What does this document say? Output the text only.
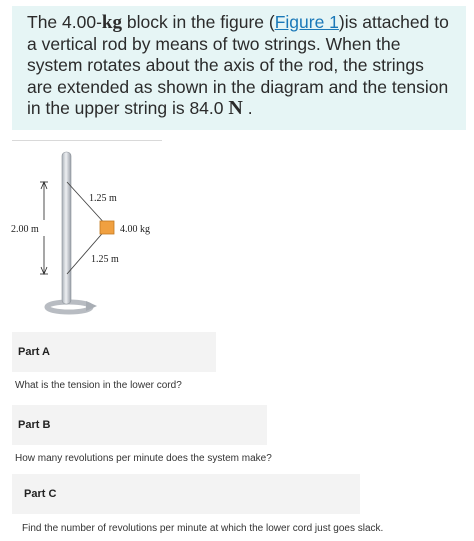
The 4.00-kg block in the figure (Figure 1)is attached to a vertical rod by means of two strings. When the system rotates about the axis of the rod, the strings are extended as shown in the diagram and the tension in the upper string is 84.0 N .

2.00 m
1.25 m
1.25 m
4.00 kg
Part A
What is the tension in the lower cord?
Part B
How many revolutions per minute does the system make?
Part C
Find the number of revolutions per minute at which the lower cord just goes slack.
